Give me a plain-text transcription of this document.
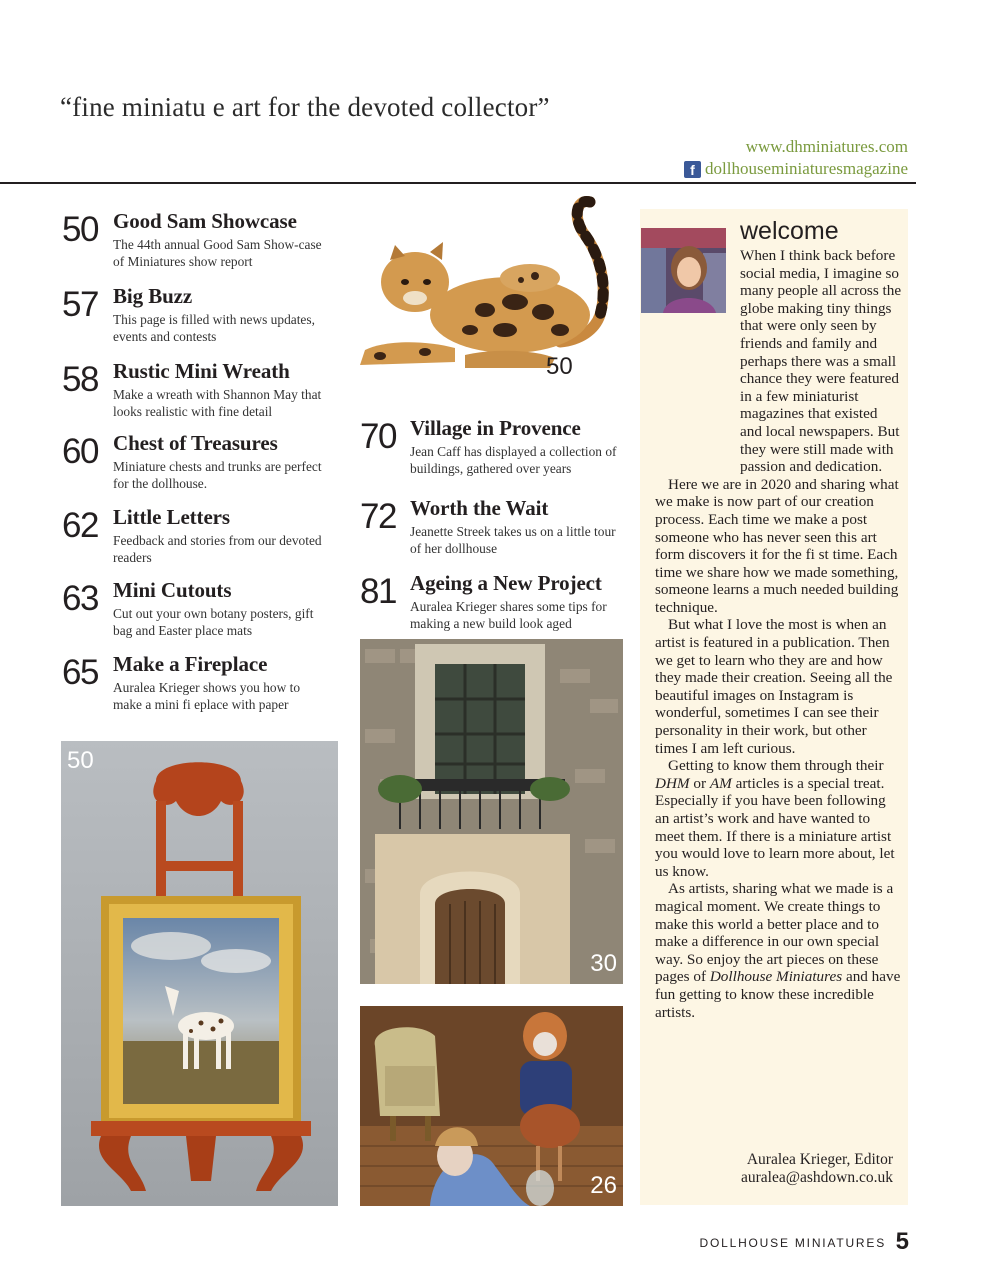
“fine miniatu e art for the devoted collector”
www.dhminiatures.com
f dollhouseminiaturesmagazine
50 Good Sam Showcase
The 44th annual Good Sam Show-case of Miniatures show report
57 Big Buzz
This page is filled with news updates, events and contests
58 Rustic Mini Wreath
Make a wreath with Shannon May that looks realistic with fine detail
60 Chest of Treasures
Miniature chests and trunks are perfect for the dollhouse.
62 Little Letters
Feedback and stories from our devoted readers
63 Mini Cutouts
Cut out your own botany posters, gift bag and Easter place mats
65 Make a Fireplace
Auralea Krieger shows you how to make a mini fi eplace with paper
70 Village in Provence
Jean Caff has displayed a collection of buildings, gathered over years
72 Worth the Wait
Jeanette Streek takes us on a little tour of her dollhouse
81 Ageing a New Project
Auralea Krieger shares some tips for making a new build look aged
50
50
30
26
welcome

When I think back before social media, I imagine so many people all across the globe making tiny things that were only seen by friends and family and perhaps there was a small chance they were featured in a few miniaturist magazines that existed and local newspapers. But they were still made with passion and dedication.

Here we are in 2020 and sharing what we make is now part of our creation process. Each time we make a post someone who has never seen this art form discovers it for the fi st time. Each time we share how we made something, someone learns a much needed building technique.

But what I love the most is when an artist is featured in a publication. Then we get to learn who they are and how they made their creation. Seeing all the beautiful images on Instagram is wonderful, sometimes I can see their personality in their work, but other times I am left curious.

Getting to know them through their DHM or AM articles is a special treat. Especially if you have been following an artist’s work and have wanted to meet them. If there is a miniature artist you would love to learn more about, let us know.

As artists, sharing what we made is a magical moment. We create things to make this world a better place and to make a difference in our own special way. So enjoy the art pieces on these pages of Dollhouse Miniatures and have fun getting to know these incredible artists.

Auralea Krieger, Editor
auralea@ashdown.co.uk
DOLLHOUSE MINIATURES 5
